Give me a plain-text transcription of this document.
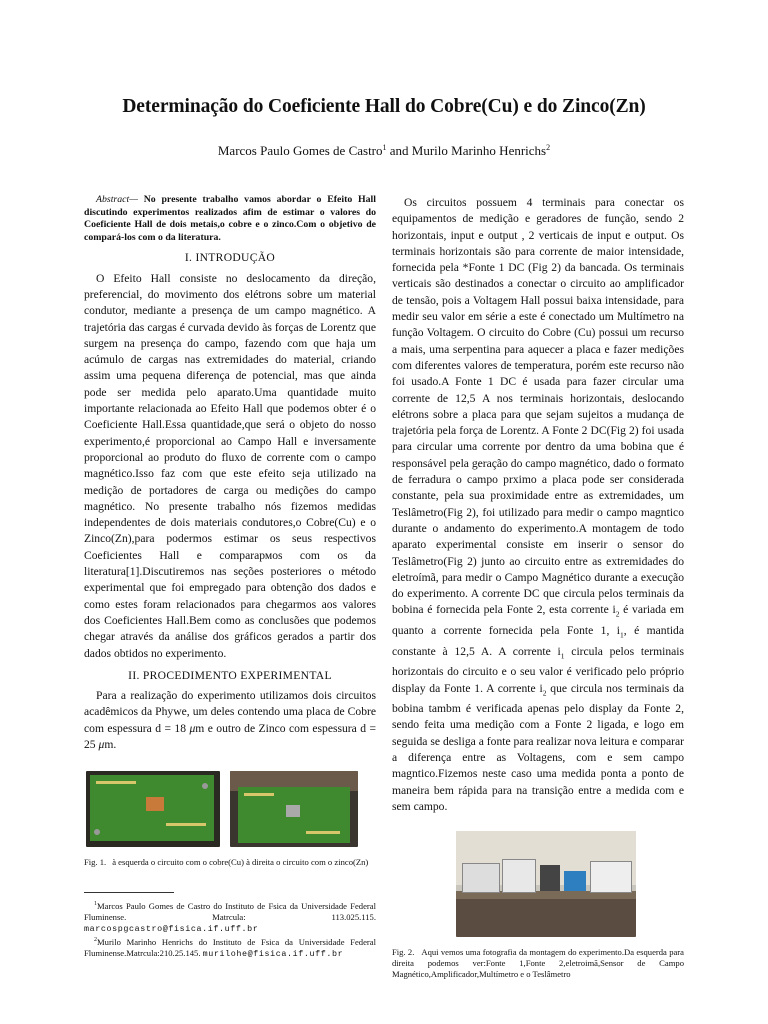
Determinação do Coeficiente Hall do Cobre(Cu) e do Zinco(Zn)
Marcos Paulo Gomes de Castro$^1$ and Murilo Marinho Henrichs$^2$

Abstract— No presente trabalho vamos abordar o Efeito Hall discutindo experimentos realizados afim de estimar o valores do Coeficiente Hall de dois metais,o cobre e o zinco.Com o objetivo de compará-los com o da literatura.

I. INTRODUÇÃO

O Efeito Hall consiste no deslocamento da direção, preferencial, do movimento dos elétrons sobre um material condutor, mediante a presença de um campo magnético. A trajetória das cargas é curvada devido às forças de Lorentz que surgem na presença do campo, fazendo com que haja um acúmulo de cargas nas extremidades do material, criando assim uma pequena diferença de potencial, mas que ainda pode ser medida pelo aparato.Uma quantidade muito importante relacionada ao Efeito Hall que podemos obter é o Coeficiente Hall.Essa quantidade,que será o objeto do nosso experimento,é proporcional ao Campo Hall e inversamente proporcional ao produto do fluxo de corrente com o campo magnético.Isso faz com que este efeito seja utilizado na medição de portadores de carga ou medições do campo magnético. No presente trabalho nós fizemos medidas independentes de dois materiais condutores,o Cobre(Cu) e o Zinco(Zn),para podermos estimar os seus respectivos Coeficientes Hall e comparармos com os da literatura[1].Discutiremos nas seções posteriores o método experimental que foi empregado para obtenção dos dados e como estes foram relacionados para chegarmos aos valores dos Coeficientes Hall.Bem como as conclusões que podemos chegar através da análise dos gráficos gerados a partir dos dados obtidos no experimento.

II. PROCEDIMENTO EXPERIMENTAL

Para a realização do experimento utilizamos dois circuitos acadêmicos da Phywe, um deles contendo uma placa de Cobre com espessura d = 18 μm e outro de Zinco com espessura d = 25 μm.

Fig. 1. à esquerda o circuito com o cobre(Cu) à direita o circuito com o zinco(Zn)

$^1$Marcos Paulo Gomes de Castro do Instituto de Fsica da Universidade Federal Fluminense. Matrcula: 113.025.115. marcospgcastro@fisica.if.uff.br

$^2$Murilo Marinho Henrichs do Instituto de Fsica da Universidade Federal Fluminense.Matrcula:210.25.145. murilohe@fisica.if.uff.br

Os circuitos possuem 4 terminais para conectar os equipamentos de medição e geradores de função, sendo 2 horizontais, input e output , 2 verticais de input e output. Os terminais horizontais são para corrente de maior intensidade, fornecida pela *Fonte 1 DC (Fig 2) da bancada. Os terminais verticais são destinados a conectar o circuito ao amplificador de tensão, pois a Voltagem Hall possui baixa intensidade, para medir seu valor em série a este é conectado um Multímetro na função Voltagem. O circuito do Cobre (Cu) possui um recurso a mais, uma serpentina para aquecer a placa e fazer medições com diferentes valores de temperatura, porém este recurso não foi usado.A Fonte 1 DC é usada para fazer circular uma corrente de 12,5 A nos terminais horizontais, deslocando elétrons sobre a placa para que sejam sujeitos a mudança de trajetória pela força de Lorentz. A Fonte 2 DC(Fig 2) foi usada para circular uma corrente por dentro da uma bobina que é responsável pela geração do campo magnético, dado o formato de ferradura o campo prximo a placa pode ser considerada constante, pela sua proximidade entre as extremidades, um Teslâmetro(Fig 2), foi utilizado para medir o campo magntico durante o andamento do experimento.A montagem de todo aparato experimental consiste em inserir o sensor do Teslâmetro(Fig 2) junto ao circuito entre as extremidades do eletroímã, para medir o Campo Magnético durante a execução do experimento. A corrente DC que circula pelos terminais da bobina é fornecida pela Fonte 2, esta corrente $i_2$ é variada em quanto a corrente fornecida pela Fonte 1, $i_1$, é mantida constante à 12,5 A. A corrente $i_1$ circula pelos terminais horizontais do circuito e o seu valor é verificado pelo próprio display da Fonte 1. A corrente $i_2$ que circula nos terminais da bobina tambm é verificada apenas pelo display da Fonte 2, sendo feita uma medição com a Fonte 2 ligada, e logo em seguida se desliga a fonte para realizar nova leitura e comparar a diferença entre as Voltagens, com e sem campo magntico.Fizemos neste caso uma medida ponta a ponto de maneira bem rápida para na transição entre a medida com e sem campo.

Fig. 2. Aqui vemos uma fotografia da montagem do experimento.Da esquerda para direita podemos ver:Fonte 1,Fonte 2,eletroimã,Sensor de Campo Magnético,Amplificador,Multímetro e o Teslâmetro
